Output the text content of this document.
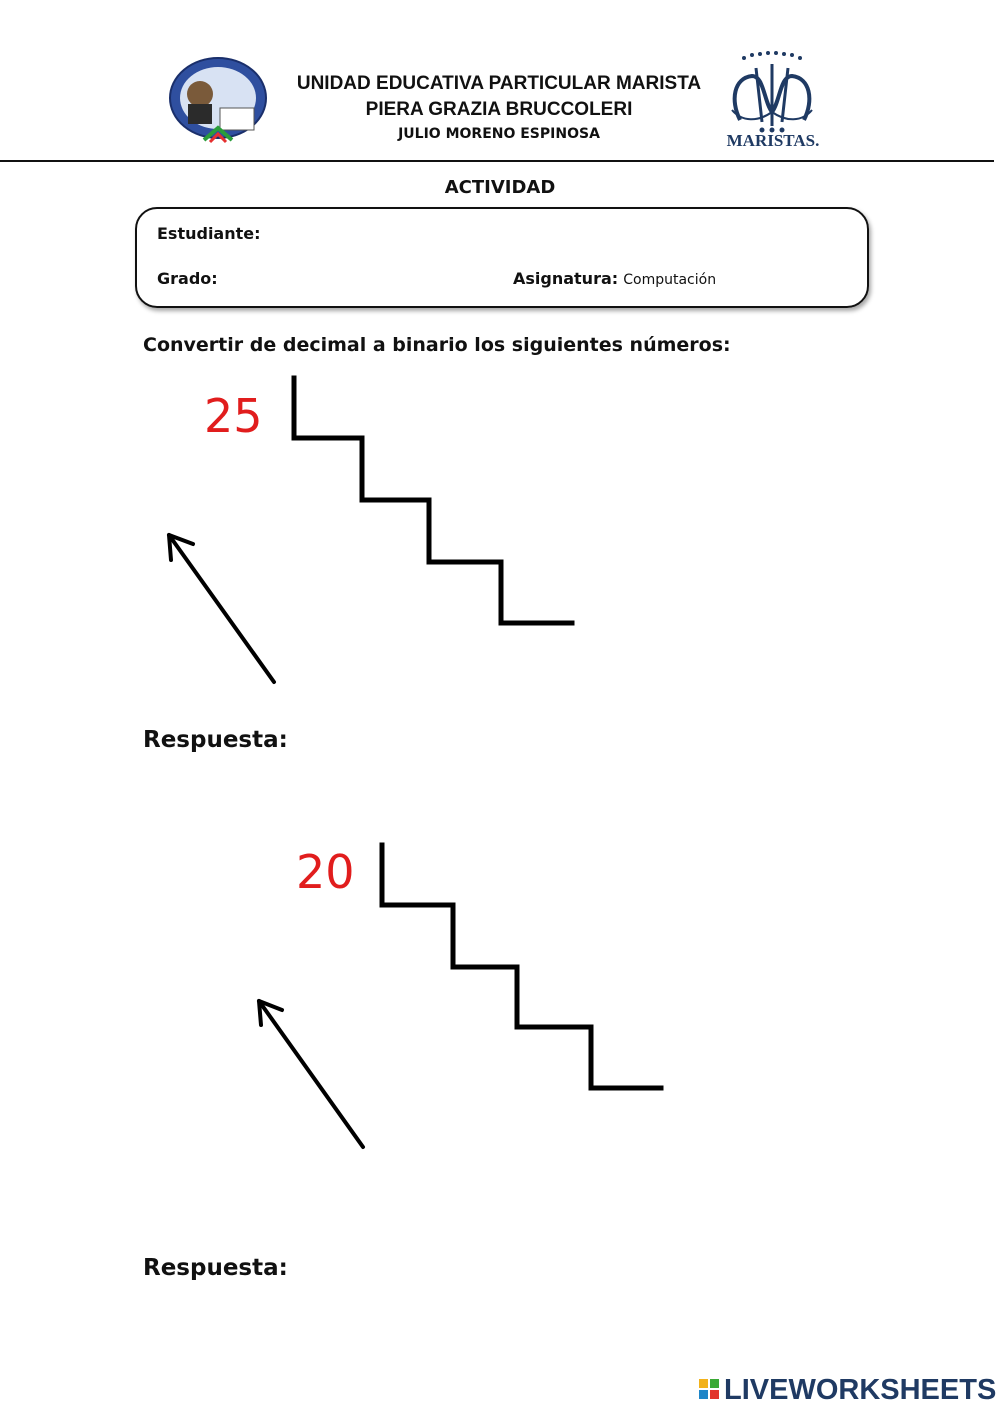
UNIDAD EDUCATIVA PARTICULAR MARISTA
PIERA GRAZIA BRUCCOLERI
JULIO MORENO ESPINOSA	MARISTAS.
ACTIVIDAD
Estudiante:
Grado:	Asignatura: Computación
Convertir de decimal a binario los siguientes números:
25
20
Respuesta:
Respuesta:
LIVEWORKSHEETS
